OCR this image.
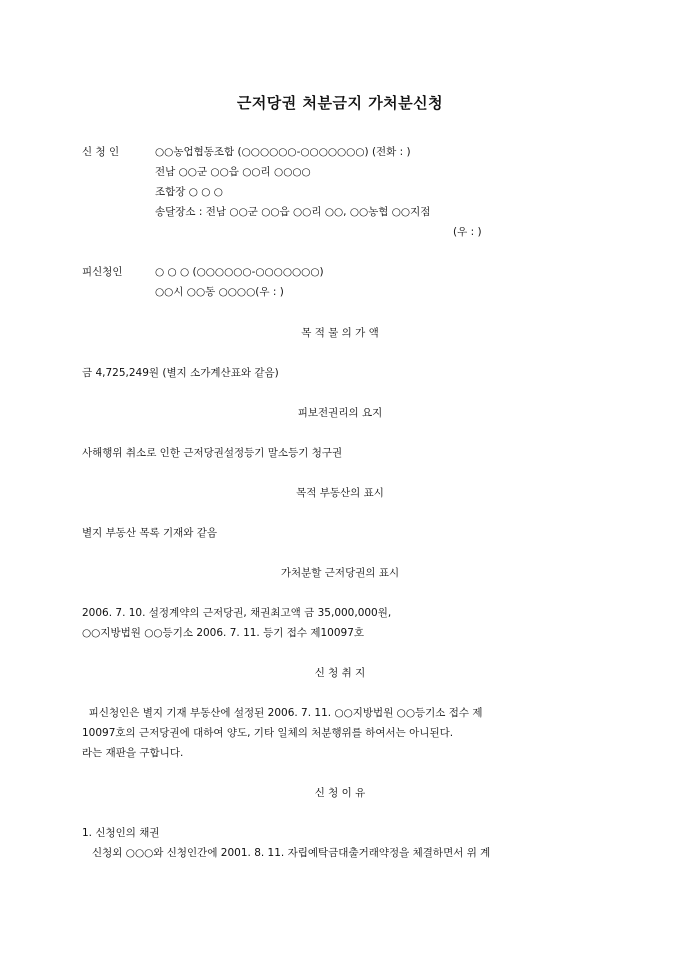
근저당권 처분금지 가처분신청
신 청 인	○○농업협동조합 (○○○○○○-○○○○○○○) (전화 : )
전남 ○○군 ○○읍 ○○리 ○○○○
조합장 ○ ○ ○
송달장소 : 전남 ○○군 ○○읍 ○○리 ○○, ○○농협 ○○지점
(우 : )
피신청인	○ ○ ○ (○○○○○○-○○○○○○○)
○○시 ○○동 ○○○○(우 : )
목 적 물 의 가 액
금 4,725,249원 (별지 소가계산표와 같음)
피보전권리의 요지
사해행위 취소로 인한 근저당권설정등기 말소등기 청구권
목적 부동산의 표시
별지 부동산 목록 기재와 같음
가처분할 근저당권의 표시
2006. 7. 10. 설정계약의 근저당권, 채권최고액 금 35,000,000원,
○○지방법원 ○○등기소 2006. 7. 11. 등기 접수 제10097호
신 청 취 지
피신청인은 별지 기재 부동산에 설정된 2006. 7. 11. ○○지방법원 ○○등기소 접수 제
10097호의 근저당권에 대하여 양도, 기타 일체의 처분행위를 하여서는 아니된다.
라는 재판을 구합니다.
신 청 이 유
1. 신청인의 채권
신청외 ○○○와 신청인간에 2001. 8. 11. 자립예탁금대출거래약정을 체결하면서 위 계
